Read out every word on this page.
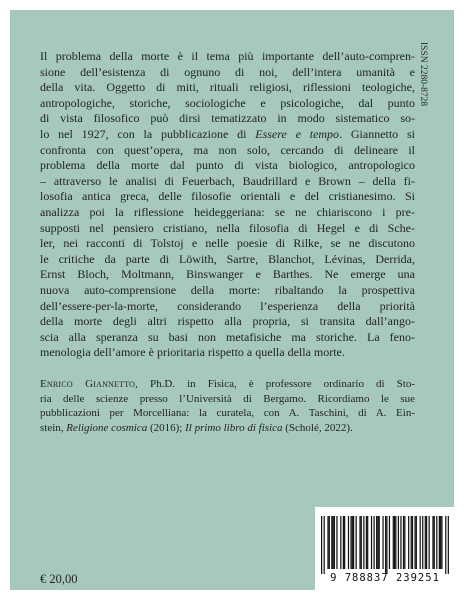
ISSN 2280-8728
Il problema della morte è il tema più importante dell’auto-compren-
sione dell’esistenza di ognuno di noi, dell’intera umanità e
della vita. Oggetto di miti, rituali religiosi, riflessioni teologiche,
antropologiche, storiche, sociologiche e psicologiche, dal punto
di vista filosofico può dirsi tematizzato in modo sistematico so-
lo nel 1927, con la pubblicazione di Essere e tempo. Giannetto si
confronta con quest’opera, ma non solo, cercando di delineare il
problema della morte dal punto di vista biologico, antropologico
– attraverso le analisi di Feuerbach, Baudrillard e Brown – della fi-
losofia antica greca, delle filosofie orientali e del cristianesimo. Si
analizza poi la riflessione heideggeriana: se ne chiariscono i pre-
supposti nel pensiero cristiano, nella filosofia di Hegel e di Sche-
ler, nei racconti di Tolstoj e nelle poesie di Rilke, se ne discutono
le critiche da parte di Löwith, Sartre, Blanchot, Lévinas, Derrida,
Ernst Bloch, Moltmann, Binswanger e Barthes. Ne emerge una
nuova auto-comprensione della morte: ribaltando la prospettiva
dell’essere-per-la-morte, considerando l’esperienza della priorità
della morte degli altri rispetto alla propria, si transita dall’ango-
scia alla speranza su basi non metafisiche ma storiche. La feno-
menologia dell’amore è prioritaria rispetto a quella della morte.
Enrico Giannetto, Ph.D. in Fisica, è professore ordinario di Sto-
ria delle scienze presso l’Università di Bergamo. Ricordiamo le sue
pubblicazioni per Morcelliana: la curatela, con A. Taschini, di A. Ein-
stein, Religione cosmica (2016); Il primo libro di fisica (Scholé, 2022).
€ 20,00	9 788837 239251
